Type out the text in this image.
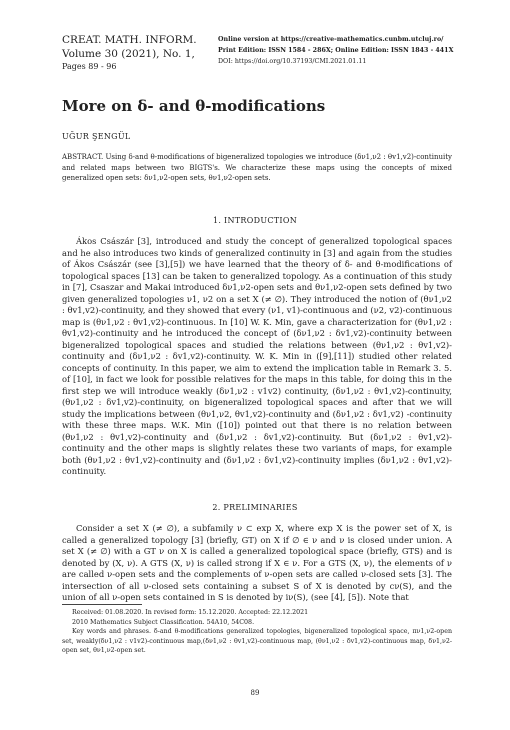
CREAT. MATH. INFORM.
Volume 30 (2021), No. 1,
Pages 89 - 96
Online version at https://creative-mathematics.cunbm.utcluj.ro/
Print Edition: ISSN 1584 - 286X; Online Edition: ISSN 1843 - 441X
DOI: https://doi.org/10.37193/CMI.2021.01.11
More on δ- and θ-modifications
UĞUR ŞENGÜL
ABSTRACT. Using δ-and θ-modifications of bigeneralized topologies we introduce (δν1,ν2 : θv1,v2)-continuity and related maps between two BIGTS's. We characterize these maps using the concepts of mixed generalized open sets: δν1,ν2-open sets, θν1,ν2-open sets.
1. INTRODUCTION
Ákos Császár [3], introduced and study the concept of generalized topological spaces and he also introduces two kinds of generalized continuity in [3] and again from the studies of Ákos Császár (see [3],[5]) we have learned that the theory of δ- and θ-modifications of topological spaces [13] can be taken to generalized topology. As a continuation of this study in [7], Csaszar and Makai introduced δν1,ν2-open sets and θν1,ν2-open sets defined by two given generalized topologies ν1, ν2 on a set X (≠ ∅). They introduced the notion of (θν1,ν2 : θv1,v2)-continuity, and they showed that every (ν1, v1)-continuous and (ν2, v2)-continuous map is (θν1,ν2 : θv1,v2)-continuous. In [10] W. K. Min, gave a characterization for (θν1,ν2 : θv1,v2)-continuity and he introduced the concept of (δν1,ν2 : δv1,v2)-continuity between bigeneralized topological spaces and studied the relations between (θν1,ν2 : θv1,v2)-continuity and (δν1,ν2 : δv1,v2)-continuity. W. K. Min in ([9],[11]) studied other related concepts of continuity. In this paper, we aim to extend the implication table in Remark 3. 5. of [10], in fact we look for possible relatives for the maps in this table, for doing this in the first step we will introduce weakly (δν1,ν2 : v1v2) continuity, (δν1,ν2 : θv1,v2)-continuity, (θν1,ν2 : δv1,v2)-continuity, on bigeneralized topological spaces and after that we will study the implications between (θν1,ν2, θv1,v2)-continuity and (δν1,ν2 : δv1,v2) -continuity with these three maps. W.K. Min ([10]) pointed out that there is no relation between (θν1,ν2 : θv1,v2)-continuity and (δν1,ν2 : δv1,v2)-continuity. But (δν1,ν2 : θv1,v2)-continuity and the other maps is slightly relates these two variants of maps, for example both (θν1,ν2 : θv1,v2)-continuity and (δν1,ν2 : δv1,v2)-continuity implies (δν1,ν2 : θv1,v2)-continuity.
2. PRELIMINARIES
Consider a set X (≠ ∅), a subfamily ν ⊂ exp X, where exp X is the power set of X, is called a generalized topology [3] (briefly, GT) on X if ∅ ∈ ν and ν is closed under union. A set X (≠ ∅) with a GT ν on X is called a generalized topological space (briefly, GTS) and is denoted by (X, ν). A GTS (X, ν) is called strong if X ∈ ν. For a GTS (X, ν), the elements of ν are called ν-open sets and the complements of ν-open sets are called ν-closed sets [3]. The intersection of all ν-closed sets containing a subset S of X is denoted by cν(S), and the union of all ν-open sets contained in S is denoted by iν(S), (see [4], [5]). Note that
Received: 01.08.2020. In revised form: 15.12.2020. Accepted: 22.12.2021
2010 Mathematics Subject Classification. 54A10, 54C08.
Key words and phrases. δ-and θ-modifications generalized topologies, bigeneralized topological space, πν1,ν2-open set, weakly(δν1,ν2 : v1v2)-continuous map,(δν1,ν2 : θv1,v2)-continuous map, (θν1,ν2 : δv1,v2)-continuous map, δν1,ν2-open set, θν1,ν2-open set.
89
